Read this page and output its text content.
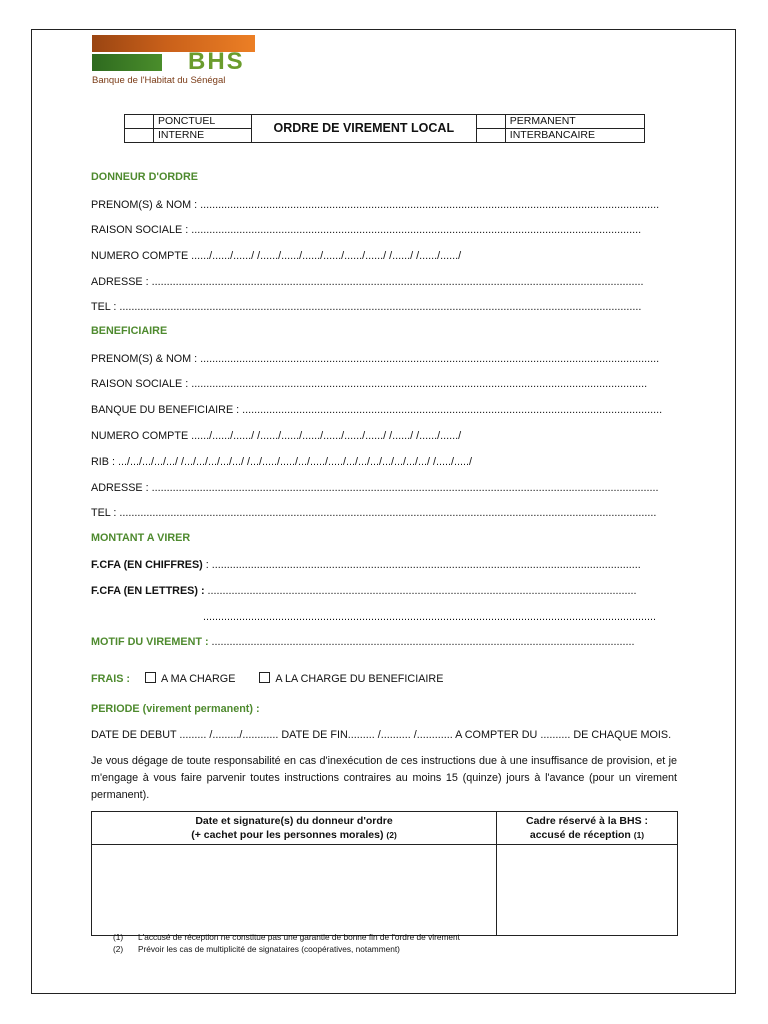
BHS
Banque de l'Habitat du Sénégal
	PONCTUEL	ORDRE DE VIREMENT LOCAL		PERMANENT
	INTERNE			INTERBANCAIRE
DONNEUR D'ORDRE
PRENOM(S) & NOM : .........................................................................................................................................................
RAISON SOCIALE : ......................................................................................................................................................
NUMERO COMPTE ....../....../....../ /....../....../....../....../....../....../ /....../ /....../....../
ADRESSE : ....................................................................................................................................................................
TEL : ..............................................................................................................................................................................
BENEFICIAIRE
PRENOM(S) & NOM : .........................................................................................................................................................
RAISON SOCIALE : ........................................................................................................................................................
BANQUE DU BENEFICIAIRE : ............................................................................................................................................
NUMERO COMPTE ....../....../....../ /....../....../....../....../....../....../ /....../ /....../....../
RIB : .../.../.../.../.../ /.../.../.../.../.../ /.../...../...../.../...../...../.../.../.../.../.../.../.../ /...../...../
ADRESSE : .........................................................................................................................................................................
TEL : ...................................................................................................................................................................................
MONTANT A VIRER
F.CFA (EN CHIFFRES) : ...............................................................................................................................................
F.CFA (EN LETTRES) : ...............................................................................................................................................
.......................................................................................................................................................
MOTIF DU VIREMENT : .............................................................................................................................................
FRAIS :	A MA CHARGE	A LA CHARGE DU BENEFICIAIRE
PERIODE (virement permanent) :
DATE DE DEBUT ......... /........./............ DATE DE FIN......... /.......... /............ A COMPTER DU .......... DE CHAQUE MOIS.
Je vous dégage de toute responsabilité en cas d'inexécution de ces instructions due à une insuffisance de provision, et je m'engage à vous faire parvenir toutes instructions contraires au moins 15 (quinze) jours à l'avance (pour un virement permanent).
Date et signature(s) du donneur d'ordre
(+ cachet pour les personnes morales) (2)	Cadre réservé à la BHS :
accusé de réception (1)

(1) L'accusé de réception ne constitue pas une garantie de bonne fin de l'ordre de virement
(2) Prévoir les cas de multiplicité de signataires (coopératives, notamment)
